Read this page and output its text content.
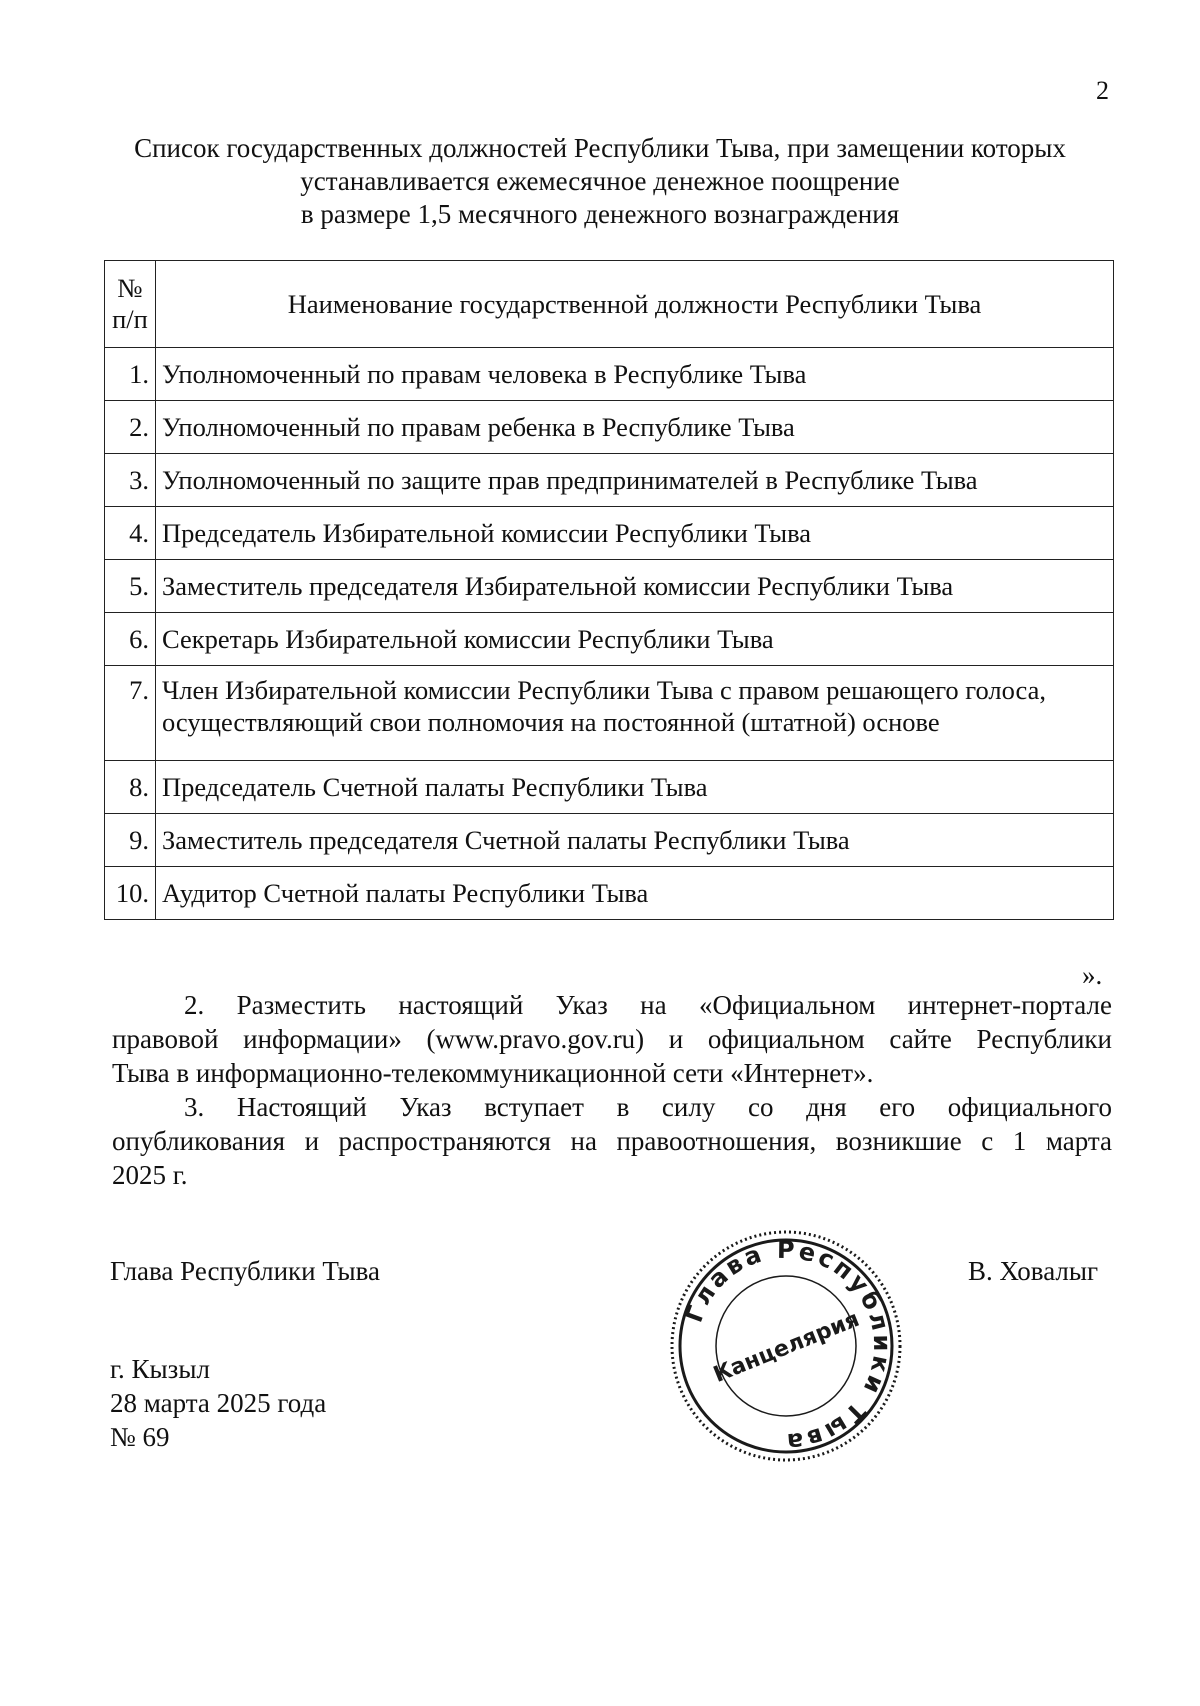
2
Список государственных должностей Республики Тыва, при замещении которых
устанавливается ежемесячное денежное поощрение
в размере 1,5 месячного денежного вознаграждения
№
п/п	Наименование государственной должности Республики Тыва
1.	Уполномоченный по правам человека в Республике Тыва
2.	Уполномоченный по правам ребенка в Республике Тыва
3.	Уполномоченный по защите прав предпринимателей в Республике Тыва
4.	Председатель Избирательной комиссии Республики Тыва
5.	Заместитель председателя Избирательной комиссии Республики Тыва
6.	Секретарь Избирательной комиссии Республики Тыва
7.	Член Избирательной комиссии Республики Тыва с правом решающего голоса, осуществляющий свои полномочия на постоянной (штатной) основе
8.	Председатель Счетной палаты Республики Тыва
9.	Заместитель председателя Счетной палаты Республики Тыва
10.	Аудитор Счетной палаты Республики Тыва
».
2. Разместить настоящий Указ на «Официальном интернет-портале
правовой информации» (www.pravo.gov.ru) и официальном сайте Республики
Тыва в информационно-телекоммуникационной сети «Интернет».
3. Настоящий Указ вступает в силу со дня его официального
опубликования и распространяются на правоотношения, возникшие с 1 марта
2025 г.
Глава Республики Тыва	В. Ховалыг
г. Кызыл
28 марта 2025 года
№ 69
Глава Республики Тыва
Канцелярия
